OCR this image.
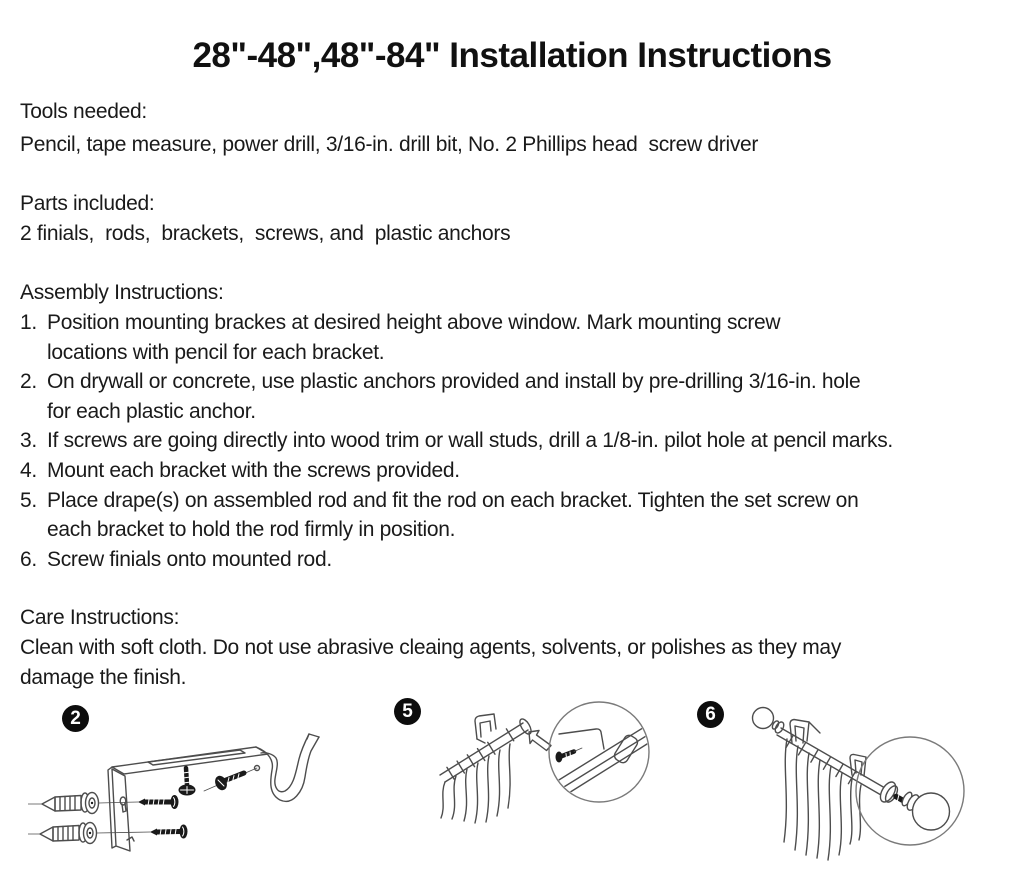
28"-48",48"-84" Installation Instructions
Tools needed:
Pencil, tape measure, power drill, 3/16-in. drill bit, No. 2 Phillips head  screw driver
Parts included:
2 finials,  rods,  brackets,  screws, and  plastic anchors
Assembly Instructions:
1. Position mounting brackes at desired height above window. Mark mounting screw
locations with pencil for each bracket.
2. On drywall or concrete, use plastic anchors provided and install by pre-drilling 3/16-in. hole
for each plastic anchor.
3. If screws are going directly into wood trim or wall studs, drill a 1/8-in. pilot hole at pencil marks.
4. Mount each bracket with the screws provided.
5. Place drape(s) on assembled rod and fit the rod on each bracket. Tighten the set screw on
each bracket to hold the rod firmly in position.
6. Screw finials onto mounted rod.
Care Instructions:
Clean with soft cloth. Do not use abrasive cleaing agents, solvents, or polishes as they may
damage the finish.
2	5	6
